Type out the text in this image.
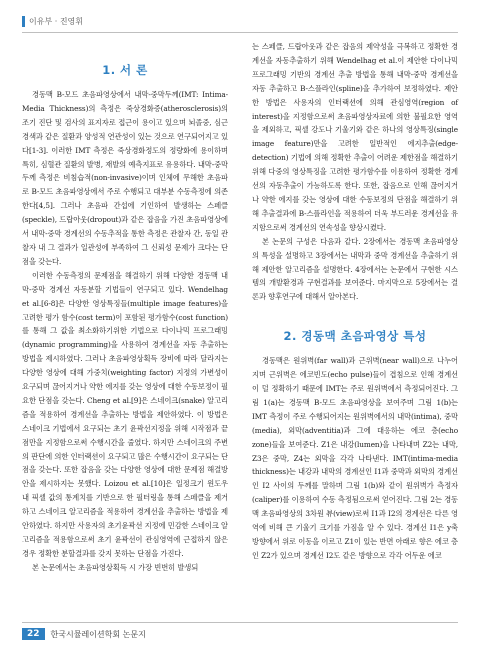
이유부 · 진영휘
1. 서 론

경동맥 B-모드 초음파영상에서 내막-중막두께(IMT: Intima-Media Thickness)의 측정은 죽상경화증(atherosclerosis)의 조기 진단 및 검사의 표지자로 접근이 용이고 있으며 뇌졸중, 심근경색과 같은 질환과 양성적 연관성이 있는 것으로 연구되어지고 있다[1-3]. 이러한 IMT 측정은 죽상경화정도의 정량화에 용이하며 특히, 심혈관 질환의 발병, 재발의 예측지표로 유용하다. 내막-중막 두께 측정은 비침습적(non-invasive)이며 인체에 무해한 초음파로 B-모드 초음파영상에서 주로 수행되고 대부분 수동측정에 의존한다[4,5]. 그러나 초음파 간섭에 기인하여 발생하는 스페클(speckle), 드랍아웃(dropout)과 같은 잡음을 가진 초음파영상에서 내막-중막 경계선의 수동추적을 통한 측정은 관찰자 간, 동일 관찰자 내 그 결과가 일관성에 부족하여 그 신뢰성 문제가 크다는 단점을 갖는다.

이러한 수동측정의 문제점을 해결하기 위해 다양한 경동맥 내막-중막 경계선 자동분할 기법들이 연구되고 있다. Wendelhag et al.[6-8]은 다양한 영상특징들(multiple image features)을 고려한 평가 함수(cost term)이 포함된 평가함수(cost function)를 통해 그 값을 최소화하기위한 기법으로 다이나믹 프로그래밍(dynamic programming)을 사용하여 경계선을 자동 추출하는 방법을 제시하였다. 그러나 초음파영상획득 장비에 따라 달라지는 다양한 영상에 대해 가중치(weighting factor) 지정의 가변성이 요구되며 끊어지거나 약한 에지를 갖는 영상에 대한 수동보정이 필요한 단점을 갖는다. Cheng et al.[9]은 스네이크(snake) 알고리즘을 적용하여 경계선을 추출하는 방법을 제안하였다. 이 방법은 스네이크 기법에서 요구되는 초기 윤곽선지정을 위해 시작점과 끝점만을 지정함으로써 수행시간을 줄였다. 하지만 스네이크의 주변의 판단에 의한 인터랙션이 요구되고 많은 수행시간이 요구되는 단점을 갖는다. 또한 잡음을 갖는 다양한 영상에 대한 문제점 해결방안을 제시하지는 못했다. Loizou et al.[10]은 일정크기 윈도우 내 픽셀 값의 통계치를 기반으로 한 필터링을 통해 스페클을 제거하고 스네이크 알고리즘을 적용하여 경계선을 추출하는 방법을 제안하였다. 하지만 사용자의 초기윤곽선 지정에 민감한 스네이크 알고리즘을 적용함으로써 초기 윤곽선이 관심영역에 근접하지 않은 경우 정확한 분할결과를 갖지 못하는 단점을 가진다.

본 논문에서는 초음파영상획득 시 가장 빈번히 발생되

는 스페클, 드랍아웃과 같은 잡음의 제약성을 극복하고 정확한 경계선을 자동추출하기 위해 Wendelhag et al.이 제안한 다이나믹 프로그래밍 기반의 경계선 추출 방법을 통해 내막-중막 경계선을 자동 추출하고 B-스플라인(spline)을 추가하여 보정하였다. 제안한 방법은 사용자의 인터랙션에 의해 관심영역(region of interest)을 지정함으로써 초음파영상자료에 의한 불필요한 영역을 제외하고, 픽셀 강도나 기울기와 같은 하나의 영상특징(single image feature)만을 고려한 일반적인 에지추출(edge-detection) 기법에 의해 정확한 추출이 어려운 제한점을 해결하기 위해 다중의 영상특징을 고려한 평가함수를 이용하여 정확한 경계선의 자동추출이 가능하도록 한다. 또한, 잡음으로 인해 끊어지거나 약한 에지를 갖는 영상에 대한 수동보정의 단점을 해결하기 위해 추출결과에 B-스플라인을 적용하여 더욱 부드러운 경계선을 유지함으로써 경계선의 연속성을 향상시켰다.

본 논문의 구성은 다음과 같다. 2장에서는 경동맥 초음파영상의 특성을 설명하고 3장에서는 내막과 중막 경계선을 추출하기 위해 제안한 알고리즘을 설명한다. 4장에서는 논문에서 구현한 시스템의 개발환경과 구현결과를 보여준다. 마지막으로 5장에서는 결론과 향후연구에 대해서 알아본다.

2. 경동맥 초음파영상 특성

경동맥은 원위벽(far wall)과 근위벽(near wall)으로 나누어지며 근위벽은 에코빈도(echo pulse)들이 겹침으로 인해 경계선이 덜 정확하기 때문에 IMT는 주로 원위벽에서 측정되어진다. 그림 1(a)는 경동맥 B-모드 초음파영상을 보여주며 그림 1(b)는 IMT 측정이 주로 수행되어지는 원위벽에서의 내막(intima), 중막(media), 외막(adventitia)과 그에 대응하는 에코 층(echo zone)들을 보여준다. Z1은 내강(lumen)을 나타내며 Z2는 내막, Z3은 중막, Z4는 외막을 각각 나타낸다. IMT(intima-media thickness)는 내강과 내막의 경계선인 I1과 중막과 외막의 경계선인 I2 사이의 두께를 말하며 그림 1(b)와 같이 원위벽가 측정자(caliper)를 이용하여 수동 측정됨으로써 얻어진다. 그림 2는 경동맥 초음파영상의 3차원 뷰(view)로써 I1과 I2의 경계선은 다른 영역에 비해 큰 기울기 크기를 가짐을 알 수 있다. 경계선 I1은 y축 방향에서 위로 이동을 이르고 Z1이 있는 반면 아래로 향은 에코 층인 Z2가 있으며 경계선 I2도 같은 방향으로 각각 어두운 에코

22	한국시뮬레이션학회 논문지
